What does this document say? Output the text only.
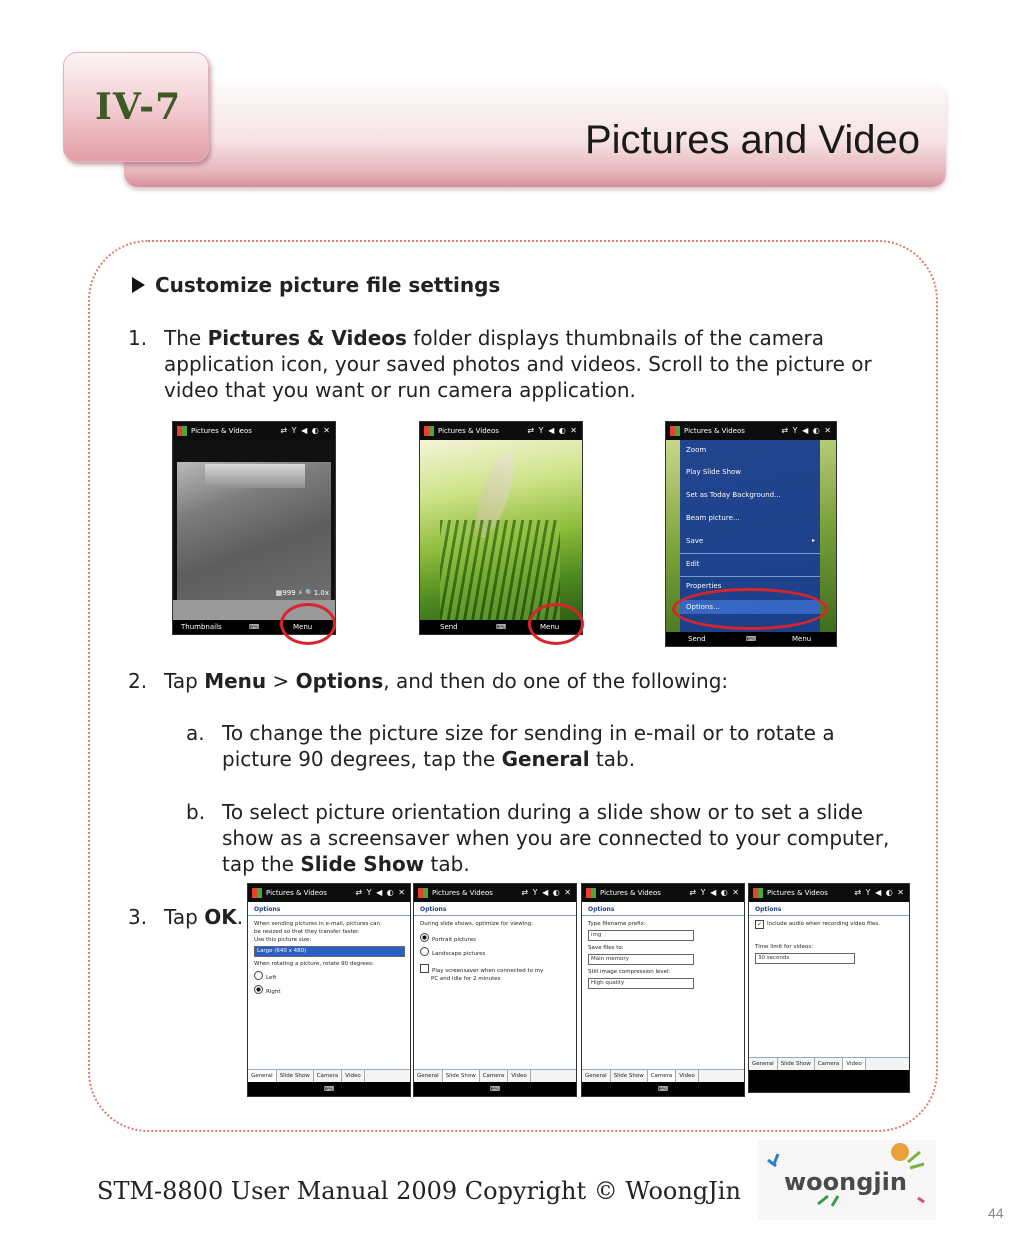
Pictures and Video
IV-7
Customize picture file settings
1. The Pictures & Videos folder displays thumbnails of the camera
application icon, your saved photos and videos. Scroll to the picture or
video that you want or run camera application.
Pictures & Videos	⇄ Y ◀ ◐ ✕
▦999 ⚡ 🔍1.0x
Thumbnails	⌨	Menu
Pictures & Videos	⇄ Y ◀ ◐ ✕
Send	⌨	Menu
Pictures & Videos	⇄ Y ◀ ◐ ✕
Zoom
Play Slide Show
Set as Today Background...
Beam picture...
Save
Edit
Properties
Options...
▸
Send	⌨	Menu
2. Tap Menu > Options, and then do one of the following:
a. To change the picture size for sending in e-mail or to rotate a
picture 90 degrees, tap the General tab.
b. To select picture orientation during a slide show or to set a slide
show as a screensaver when you are connected to your computer,
tap the Slide Show tab.
3. Tap OK.
Pictures & Videos	⇄ Y ◀ ◐ ✕
Options
When sending pictures in e-mail, pictures can
be resized so that they transfer faster.
Use this picture size:
Large (640 x 480)
When rotating a picture, rotate 90 degrees:
Left
Right
General Slide Show Camera Video
⌨
Pictures & Videos	⇄ Y ◀ ◐ ✕
Options
During slide shows, optimize for viewing:
Portrait pictures
Landscape pictures
Play screensaver when connected to my
PC and idle for 2 minutes
General Slide Show Camera Video
⌨
Pictures & Videos	⇄ Y ◀ ◐ ✕
Options
Type filename prefix:
img
Save files to:
Main memory
Still image compression level:
High quality
General Slide Show Camera Video
⌨
Pictures & Videos	⇄ Y ◀ ◐ ✕
Options
✓ Include audio when recording video files.
Time limit for videos:
30 seconds
General Slide Show Camera Video
STM-8800 User Manual 2009 Copyright © WoongJin woongjin
44
